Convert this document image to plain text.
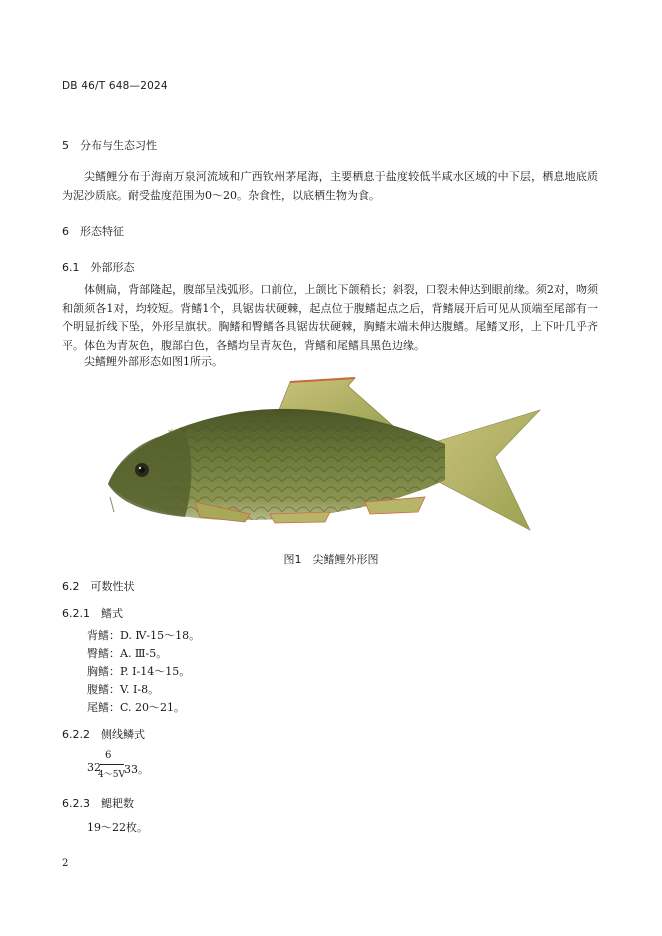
DB 46/T 648—2024
5　分布与生态习性
尖鳍鲤分布于海南万泉河流域和广西钦州茅尾海，主要栖息于盐度较低半咸水区域的中下层，栖息地底质为泥沙质底。耐受盐度范围为0～20。杂食性，以底栖生物为食。
6　形态特征
6.1　外部形态
体侧扁，背部隆起，腹部呈浅弧形。口前位，上颌比下颌稍长；斜裂，口裂未伸达到眼前缘。须2对，吻须和颌须各1对，均较短。背鳍1个，具锯齿状硬棘，起点位于腹鳍起点之后，背鳍展开后可见从顶端至尾部有一个明显折线下坠，外形呈旗状。胸鳍和臀鳍各具锯齿状硬棘，胸鳍末端未伸达腹鳍。尾鳍叉形，上下叶几乎齐平。体色为青灰色，腹部白色，各鳍均呈青灰色，背鳍和尾鳍具黑色边缘。
尖鳍鲤外部形态如图1所示。
图1　尖鳍鲤外形图
6.2　可数性状
6.2.1　鳍式
背鳍：D. Ⅳ-15～18。
臀鳍：A. Ⅲ-5。
胸鳍：P. Ⅰ-14～15。
腹鳍：V. Ⅰ-8。
尾鳍：C. 20～21。
6.2.2　侧线鳞式
32
6
4～5V 33。
6.2.3　鳃耙数
19～22枚。
2
